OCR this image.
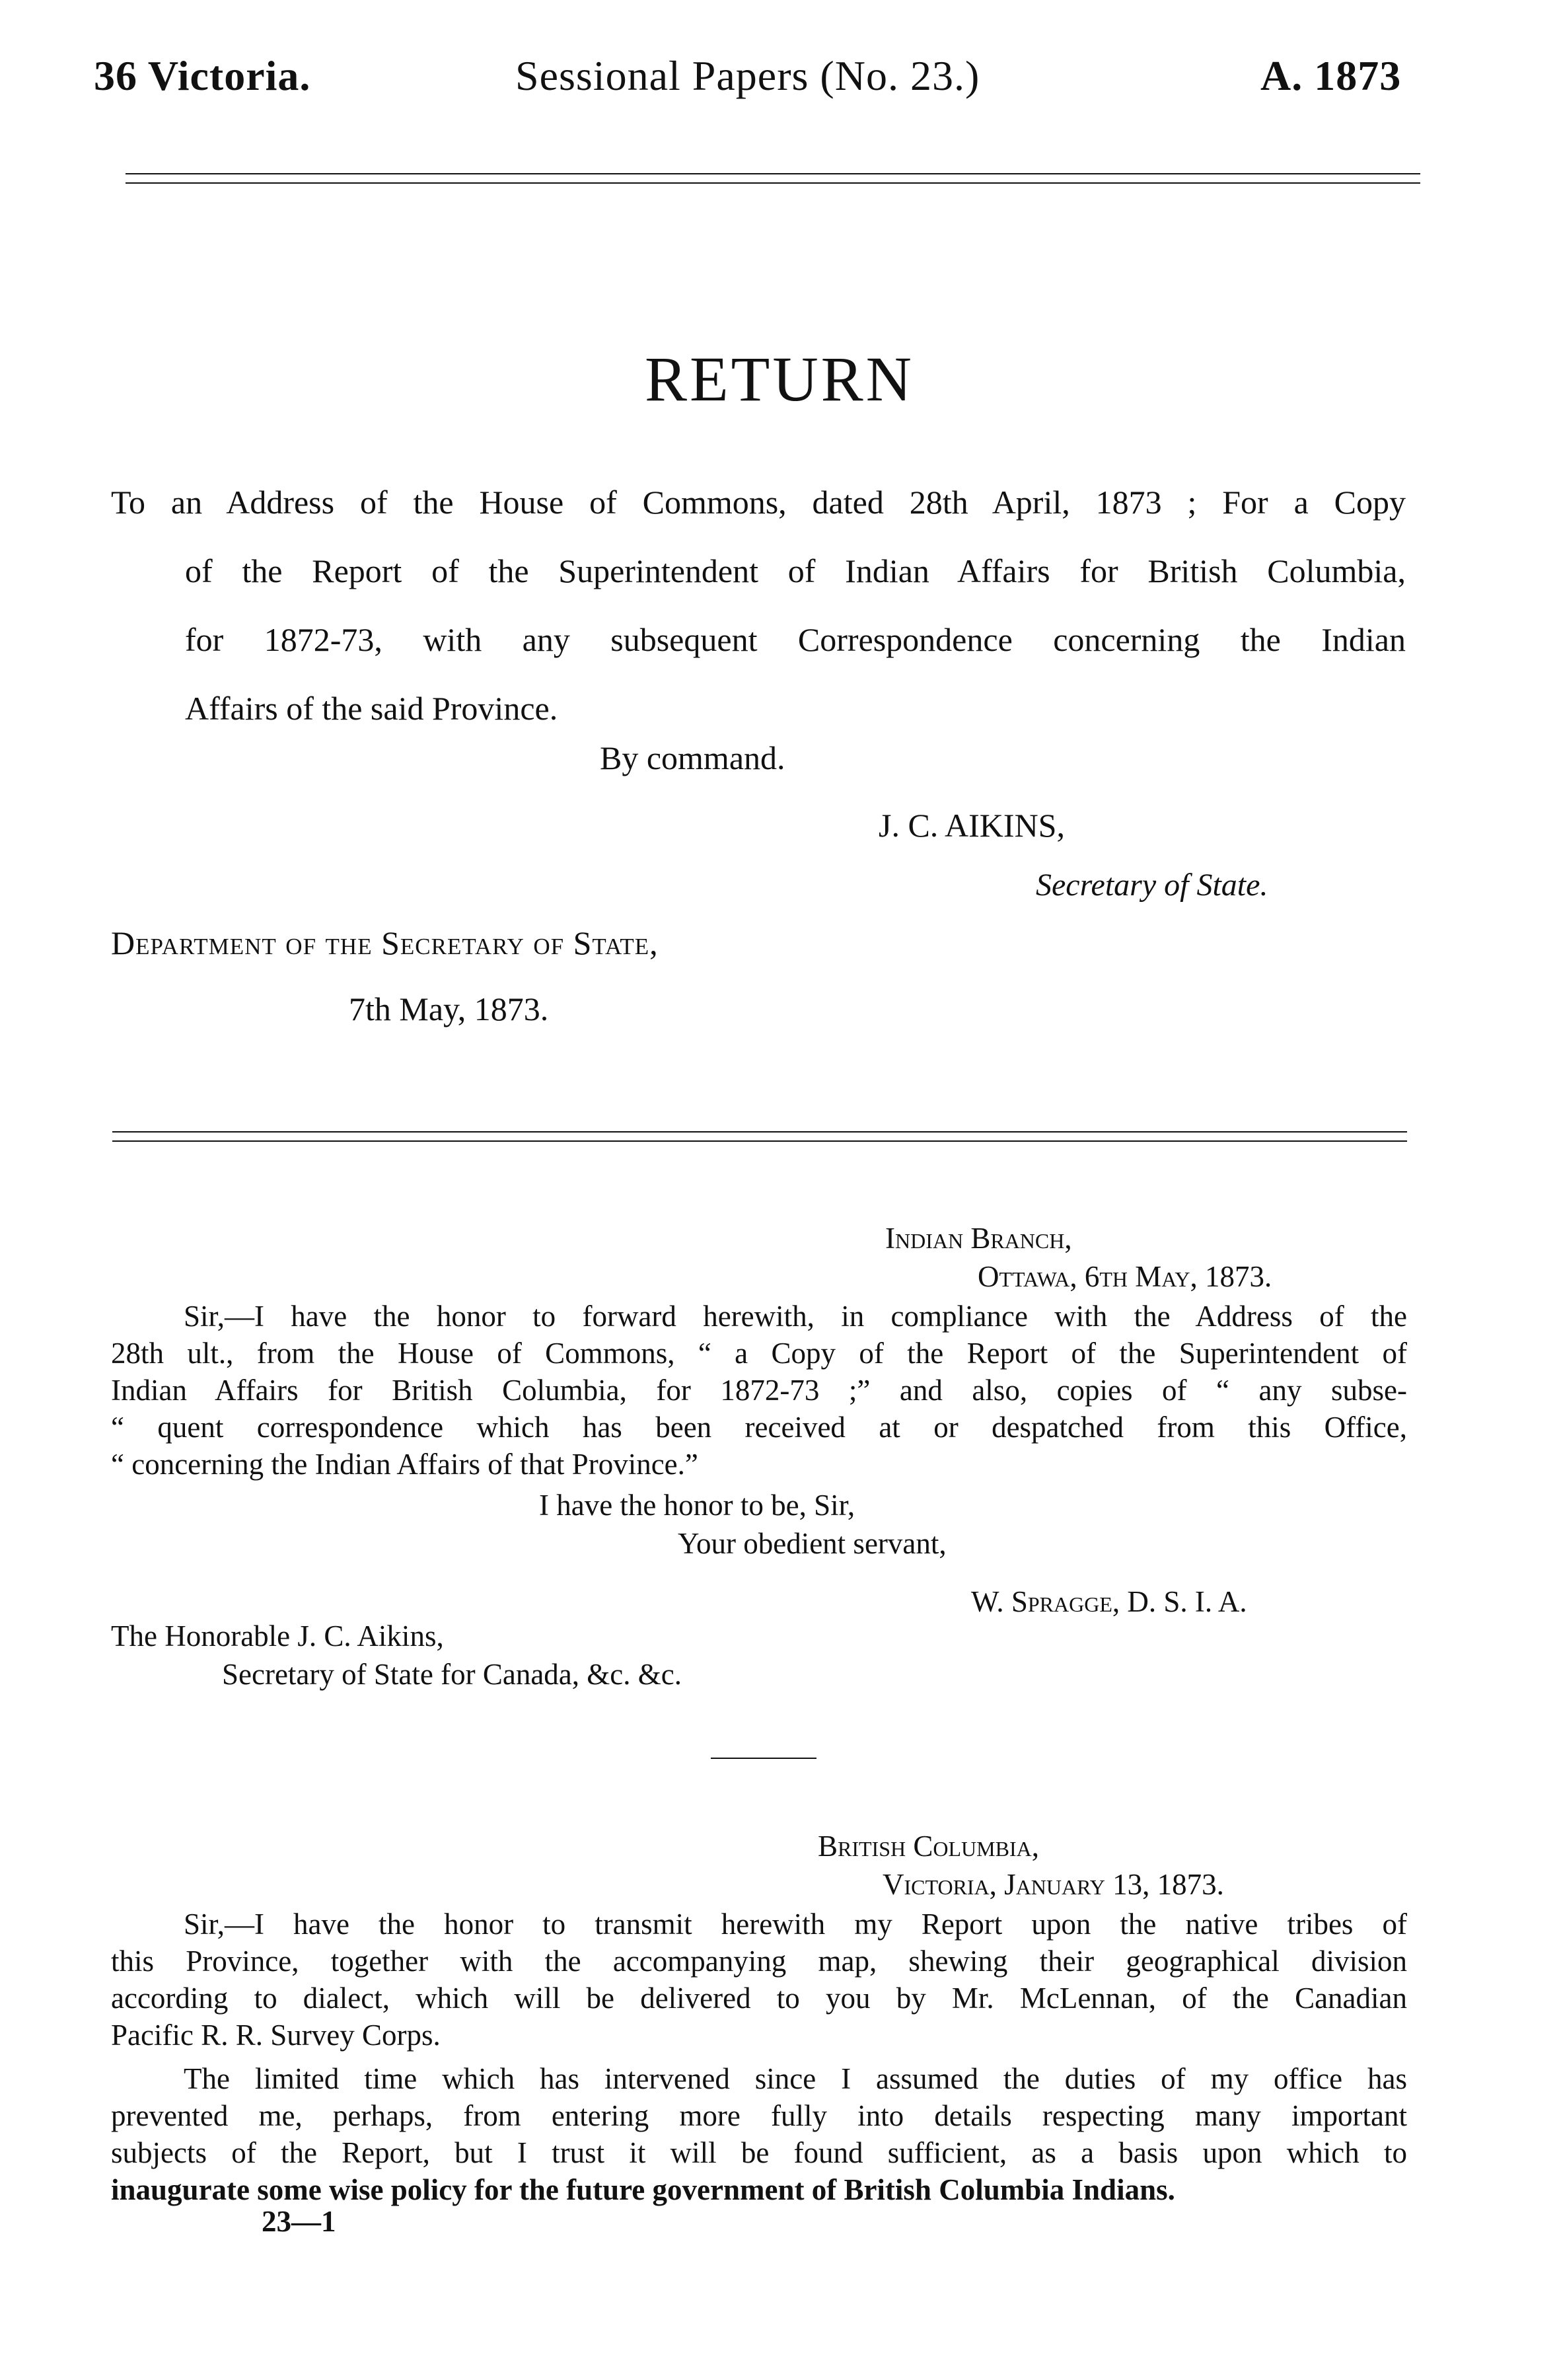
36 Victoria.	Sessional Papers (No. 23.)	A. 1873
RETURN
To an Address of the House of Commons, dated 28th April, 1873 ; For a Copy
of the Report of the Superintendent of Indian Affairs for British Columbia,
for 1872-73, with any subsequent Correspondence concerning the Indian
Affairs of the said Province.
By command.
J. C. AIKINS,
Secretary of State.
Department of the Secretary of State,
7th May, 1873.
Indian Branch,
Ottawa, 6th May, 1873.
Sir,—I have the honor to forward herewith, in compliance with the Address of the
28th ult., from the House of Commons, “ a Copy of the Report of the Superintendent of
Indian Affairs for British Columbia, for 1872-73 ;” and also, copies of “ any subse-
“ quent correspondence which has been received at or despatched from this Office,
“ concerning the Indian Affairs of that Province.”
I have the honor to be, Sir,
Your obedient servant,
W. Spragge, D. S. I. A.
The Honorable J. C. Aikins,
Secretary of State for Canada, &c. &c.
British Columbia,
Victoria, January 13, 1873.
Sir,—I have the honor to transmit herewith my Report upon the native tribes of
this Province, together with the accompanying map, shewing their geographical division
according to dialect, which will be delivered to you by Mr. McLennan, of the Canadian
Pacific R. R. Survey Corps.
The limited time which has intervened since I assumed the duties of my office has
prevented me, perhaps, from entering more fully into details respecting many important
subjects of the Report, but I trust it will be found sufficient, as a basis upon which to
inaugurate some wise policy for the future government of British Columbia Indians.
23—1
